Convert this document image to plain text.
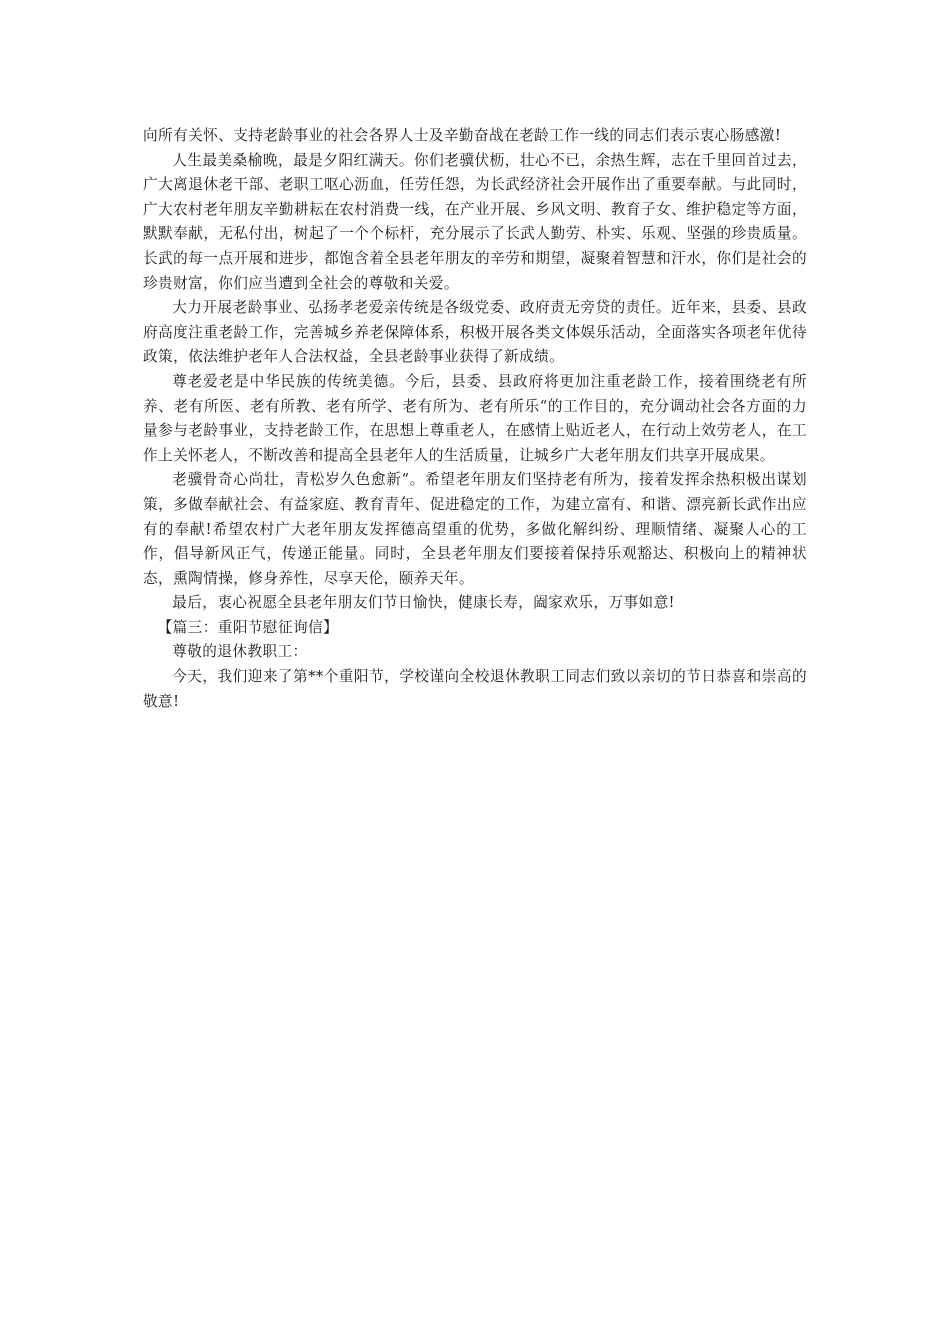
向所有关怀、支持老龄事业的社会各界人士及辛勤奋战在老龄工作一线的同志们表示衷心肠感激!

人生最美桑榆晚，最是夕阳红满天。你们老骥伏枥，壮心不已，余热生辉，志在千里回首过去，广大离退休老干部、老职工呕心沥血，任劳任怨，为长武经济社会开展作出了重要奉献。与此同时，广大农村老年朋友辛勤耕耘在农村消费一线，在产业开展、乡风文明、教育子女、维护稳定等方面，默默奉献，无私付出，树起了一个个标杆，充分展示了长武人勤劳、朴实、乐观、坚强的珍贵质量。长武的每一点开展和进步，都饱含着全县老年朋友的辛劳和期望，凝聚着智慧和汗水，你们是社会的珍贵财富，你们应当遭到全社会的尊敬和关爱。

大力开展老龄事业、弘扬孝老爱亲传统是各级党委、政府责无旁贷的责任。近年来，县委、县政府高度注重老龄工作，完善城乡养老保障体系，积极开展各类文体娱乐活动，全面落实各项老年优待政策，依法维护老年人合法权益，全县老龄事业获得了新成绩。

尊老爱老是中华民族的传统美德。今后，县委、县政府将更加注重老龄工作，接着围绕老有所养、老有所医、老有所教、老有所学、老有所为、老有所乐“的工作目的，充分调动社会各方面的力量参与老龄事业，支持老龄工作，在思想上尊重老人，在感情上贴近老人，在行动上效劳老人，在工作上关怀老人，不断改善和提高全县老年人的生活质量，让城乡广大老年朋友们共享开展成果。

老骥骨奇心尚壮，青松岁久色愈新“。希望老年朋友们坚持老有所为，接着发挥余热积极出谋划策，多做奉献社会、有益家庭、教育青年、促进稳定的工作，为建立富有、和谐、漂亮新长武作出应有的奉献!希望农村广大老年朋友发挥德高望重的优势，多做化解纠纷、理顺情绪、凝聚人心的工作，倡导新风正气，传递正能量。同时，全县老年朋友们要接着保持乐观豁达、积极向上的精神状态，熏陶情操，修身养性，尽享天伦，颐养天年。

最后，衷心祝愿全县老年朋友们节日愉快，健康长寿，阖家欢乐，万事如意!

【篇三：重阳节慰征询信】

尊敬的退休教职工：

今天，我们迎来了第**个重阳节，学校谨向全校退休教职工同志们致以亲切的节日恭喜和崇高的敬意!
